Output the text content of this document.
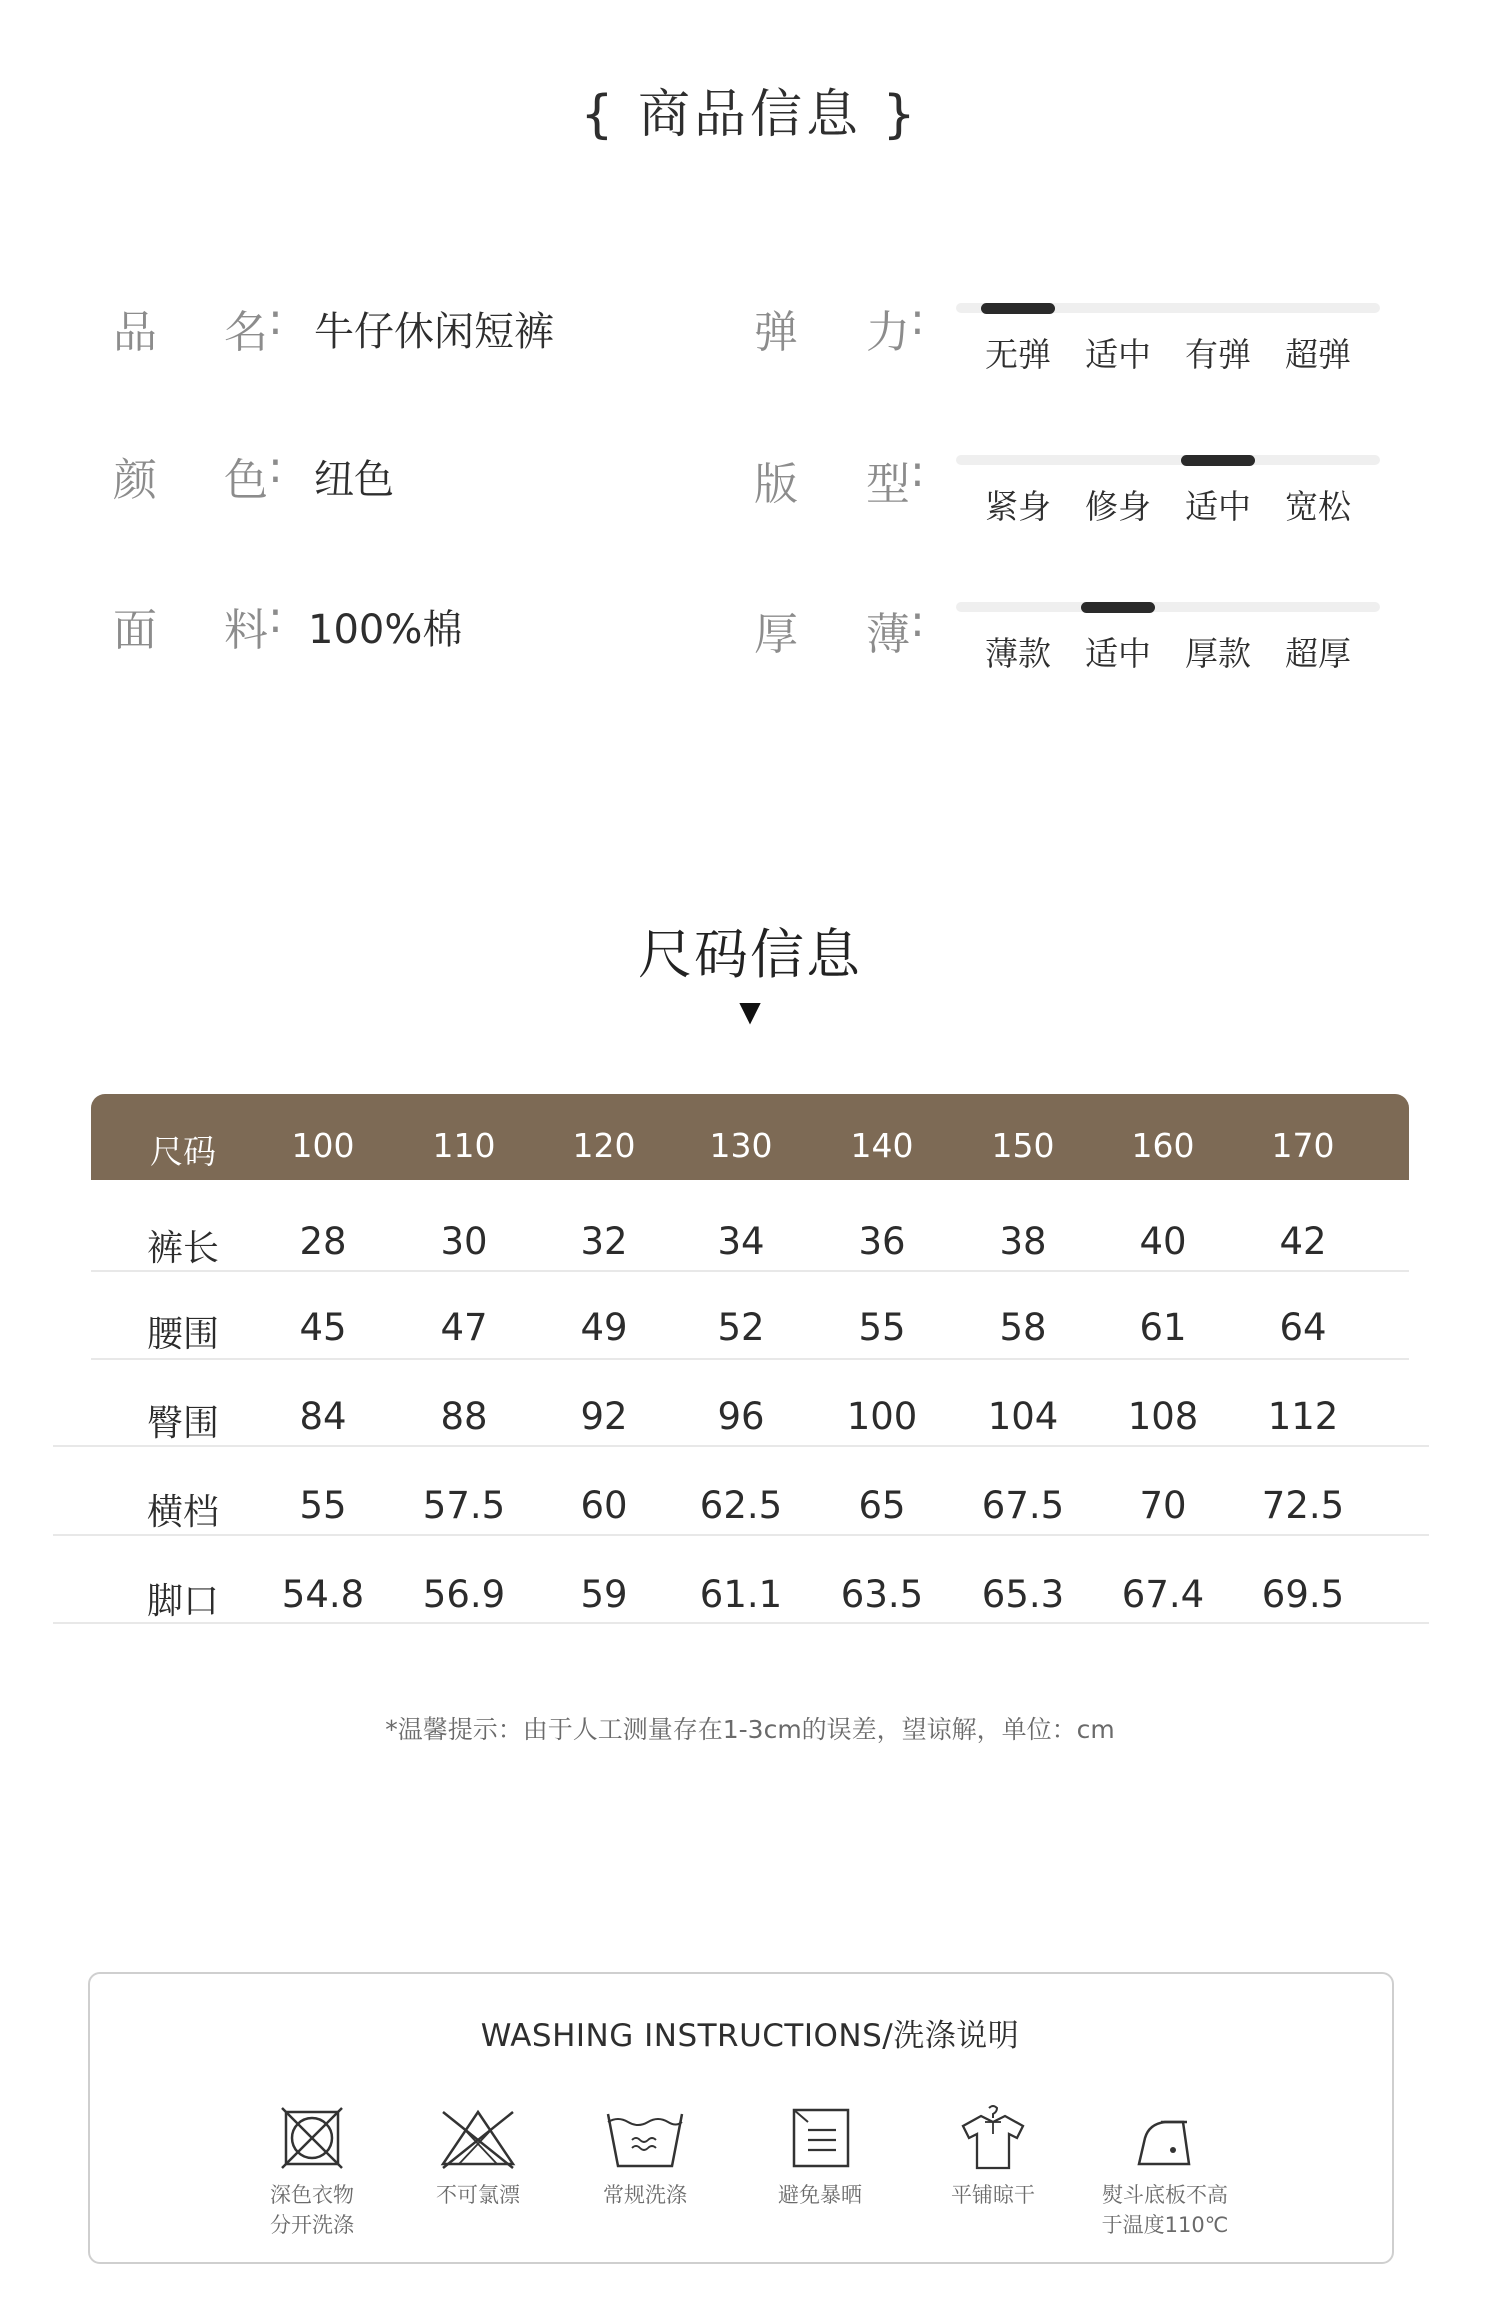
{ 商品信息 }
品 名 : 牛仔休闲短裤
颜 色 : 纽色
面 料 : 100%棉
弹 力 :
无弹	适中	有弹	超弹
版 型 :
紧身	修身	适中	宽松
厚 薄 :
薄款	适中	厚款	超厚
尺码信息
▼
尺码	100	110	120	130	140	150	160	170
裤长	28	30	32	34	36	38	40	42
腰围	45	47	49	52	55	58	61	64
臀围	84	88	92	96	100	104	108	112
横档	55	57.5	60	62.5	65	67.5	70	72.5
脚口	54.8	56.9	59	61.1	63.5	65.3	67.4	69.5
*温馨提示：由于人工测量存在1-3cm的误差，望谅解，单位：cm
WASHING INSTRUCTIONS/洗涤说明
深色衣物
分开洗涤
不可氯漂	常规洗涤	避免暴晒	平铺晾干	熨斗底板不高
于温度110℃
